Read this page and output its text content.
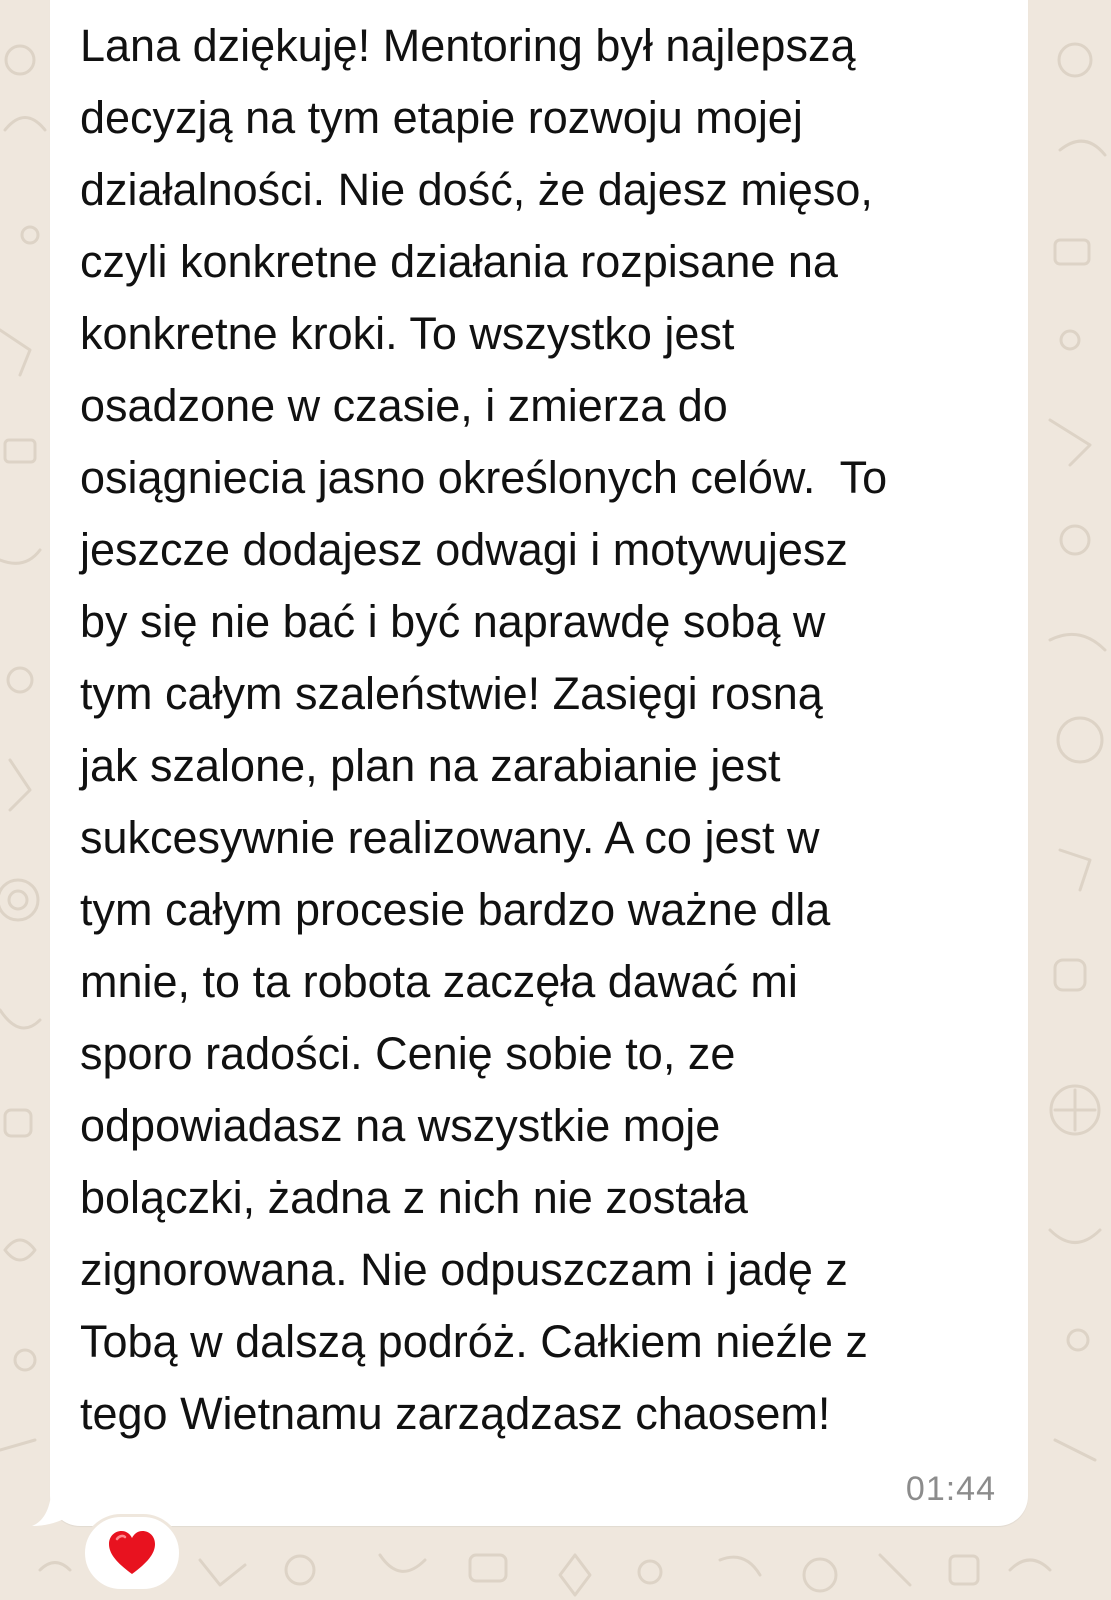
Lana dziękuję! Mentoring był najlepszą
decyzją na tym etapie rozwoju mojej
działalności. Nie dość, że dajesz mięso,
czyli konkretne działania rozpisane na
konkretne kroki. To wszystko jest
osadzone w czasie, i zmierza do
osiągniecia jasno określonych celów.  To
jeszcze dodajesz odwagi i motywujesz
by się nie bać i być naprawdę sobą w
tym całym szaleństwie! Zasięgi rosną
jak szalone, plan na zarabianie jest
sukcesywnie realizowany. A co jest w
tym całym procesie bardzo ważne dla
mnie, to ta robota zaczęła dawać mi
sporo radości. Cenię sobie to, ze
odpowiadasz na wszystkie moje
bolączki, żadna z nich nie została
zignorowana. Nie odpuszczam i jadę z
Tobą w dalszą podróż. Całkiem nieźle z
tego Wietnamu zarządzasz chaosem!
01:44
